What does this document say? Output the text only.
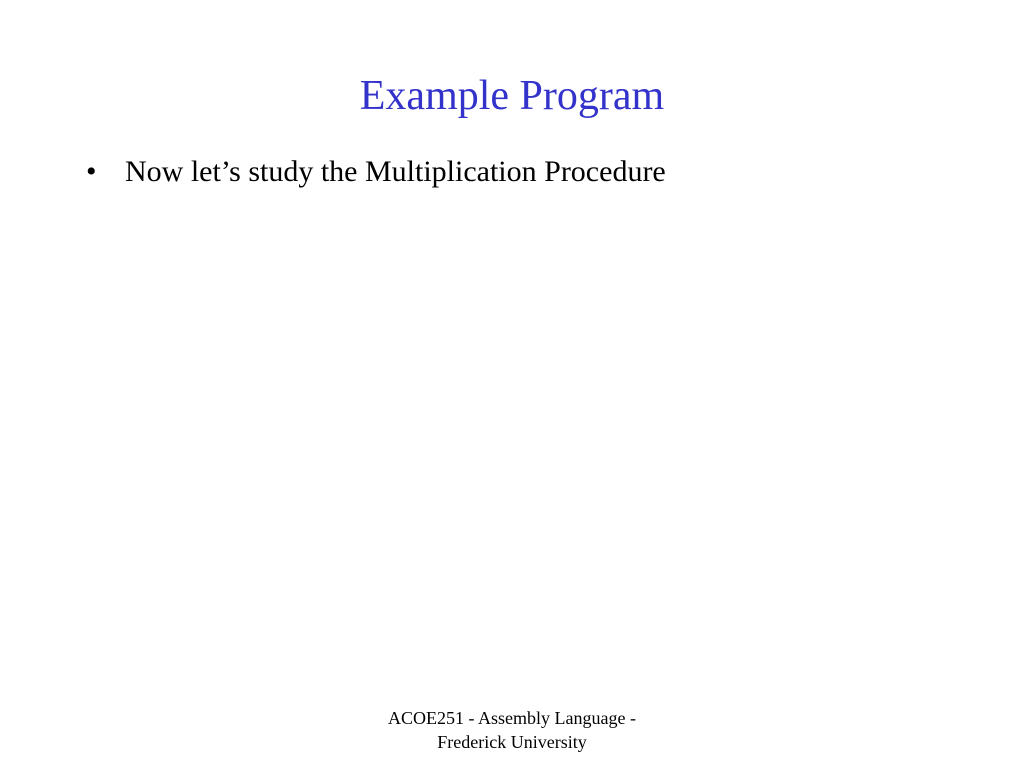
Example Program
• Now let’s study the Multiplication Procedure
ACOE251 - Assembly Language -
Frederick University
